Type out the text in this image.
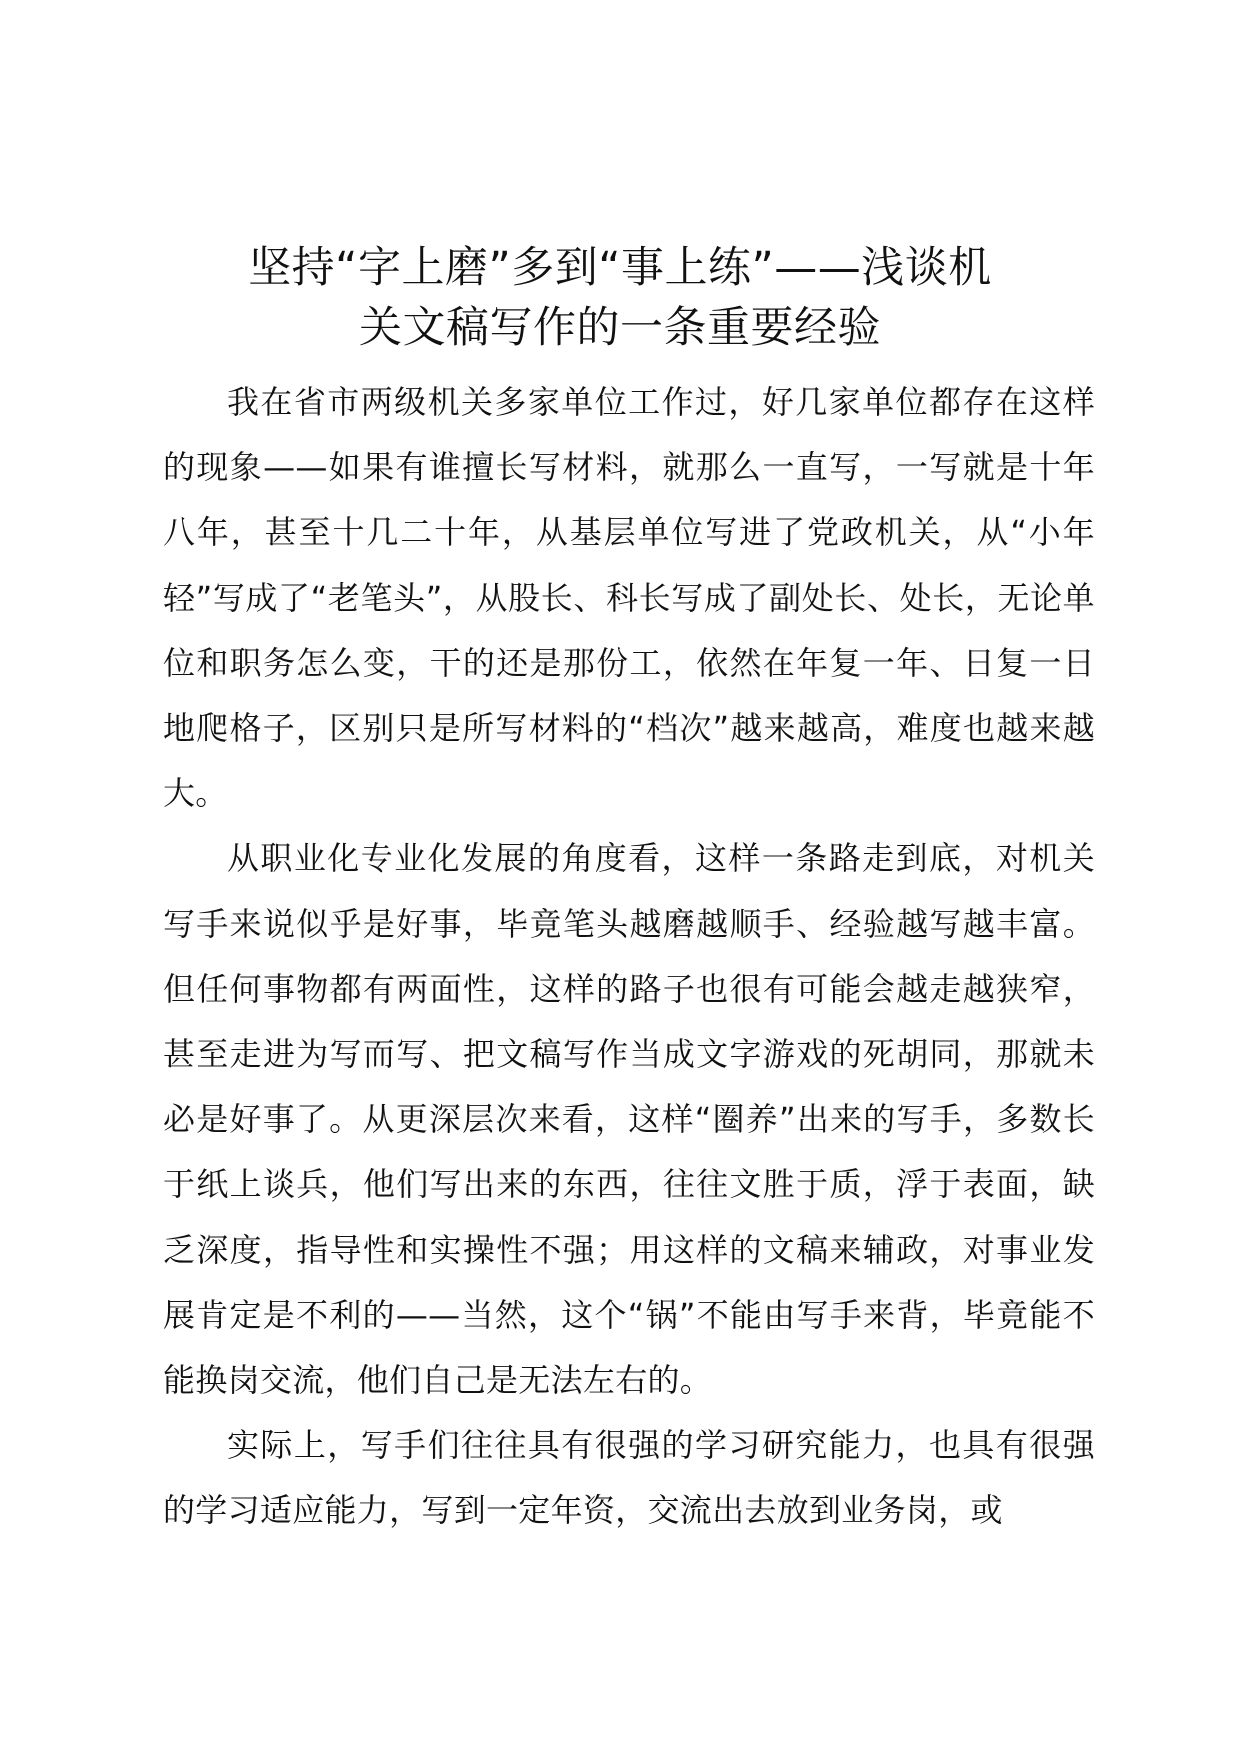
坚持“字上磨”多到“事上练”——浅谈机
关文稿写作的一条重要经验

我在省市两级机关多家单位工作过，好几家单位都存在这样的现象——如果有谁擅长写材料，就那么一直写，一写就是十年八年，甚至十几二十年，从基层单位写进了党政机关，从“小年轻”写成了“老笔头”，从股长、科长写成了副处长、处长，无论单位和职务怎么变，干的还是那份工，依然在年复一年、日复一日地爬格子，区别只是所写材料的“档次”越来越高，难度也越来越大。

从职业化专业化发展的角度看，这样一条路走到底，对机关写手来说似乎是好事，毕竟笔头越磨越顺手、经验越写越丰富。但任何事物都有两面性，这样的路子也很有可能会越走越狭窄，甚至走进为写而写、把文稿写作当成文字游戏的死胡同，那就未必是好事了。从更深层次来看，这样“圈养”出来的写手，多数长于纸上谈兵，他们写出来的东西，往往文胜于质，浮于表面，缺乏深度，指导性和实操性不强；用这样的文稿来辅政，对事业发展肯定是不利的——当然，这个“锅”不能由写手来背，毕竟能不能换岗交流，他们自己是无法左右的。

实际上，写手们往往具有很强的学习研究能力，也具有很强的学习适应能力，写到一定年资，交流出去放到业务岗，或
